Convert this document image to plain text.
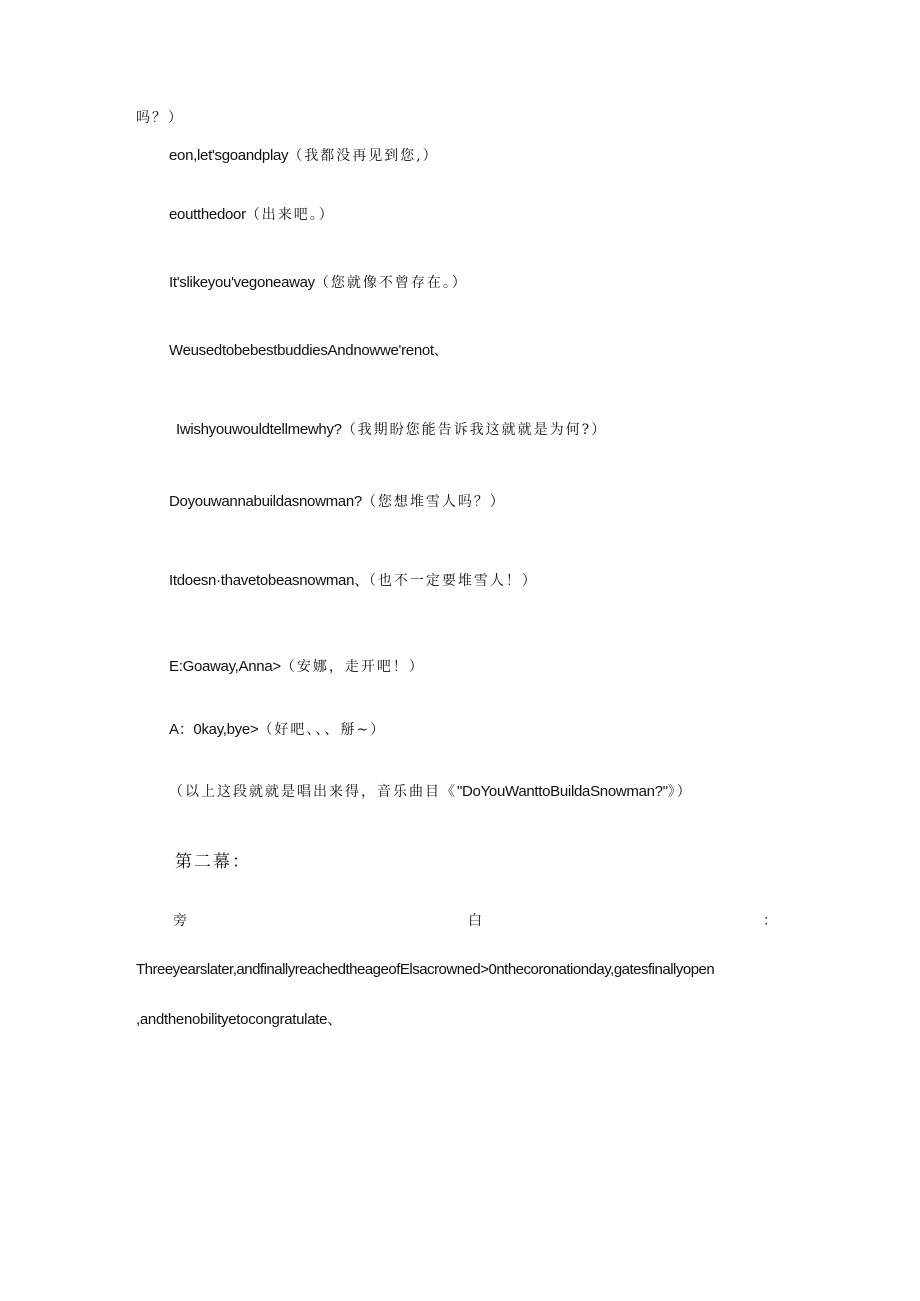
吗？）
eon,let'sgoandplay（我都没再见到您,）
eoutthedoor（出来吧。）
It'slikeyou'vegoneaway（您就像不曾存在。）
WeusedtobebestbuddiesAndnowwe'renot、
Iwishyouwouldtellmewhy?（我期盼您能告诉我这就就是为何?）
Doyouwannabuildasnowman?（您想堆雪人吗？）
Itdoesn·thavetobeasnowman、（也不一定要堆雪人！）
E:Goaway,Anna>（安娜，走开吧！）
A：0kay,bye>（好吧、、、掰~）
（以上这段就就是唱出来得，音乐曲目《"DoYouWanttoBuildaSnowman?"》）
第二幕：
旁	白	：
Threeyearslater,andfinallyreachedtheageofElsacrowned>0nthecoronationday,gatesfinallyopen
,andthenobilityetocongratulate、
